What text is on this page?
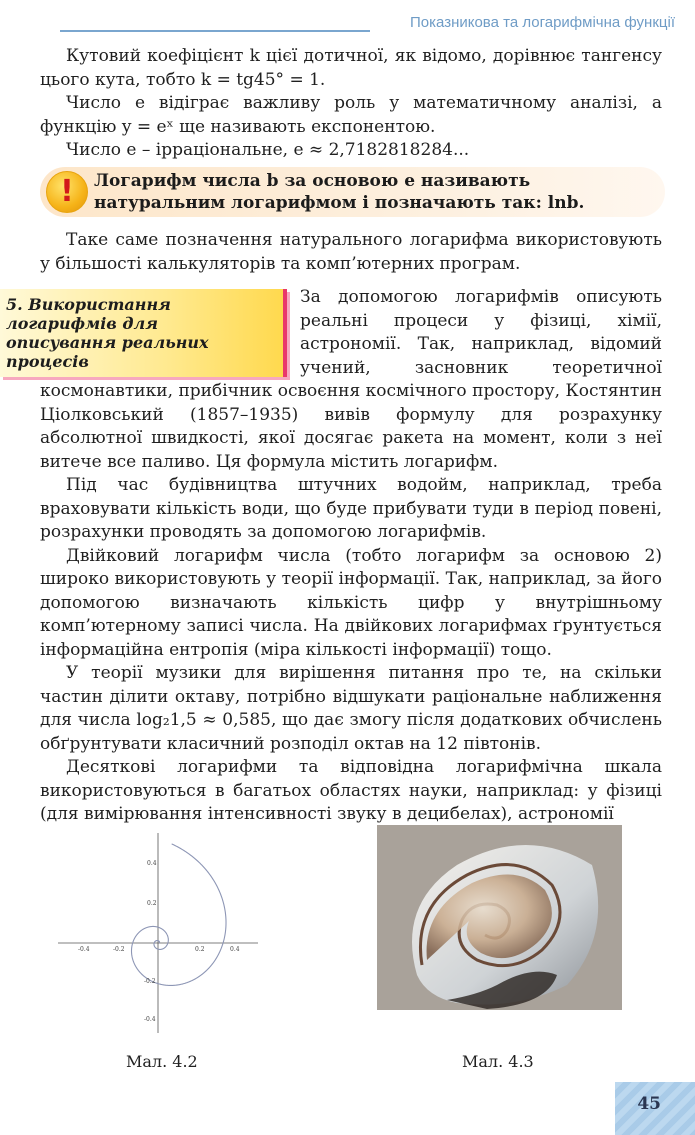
Показникова та логарифмічна функції

Кутовий коефіцієнт k цієї дотичної, як відомо, дорівнює тангенсу цього кута, тобто k = tg45° = 1.

Число e відіграє важливу роль у математичному аналізі, а функцію y = eˣ ще називають експонентою.

Число e – ірраціональне, e ≈ 2,7182818284...

!	Логарифм числа b за основою e називають натуральним логарифмом і позначають так: lnb.

Таке саме позначення натурального логарифма використовують у більшості калькуляторів та комп’ютерних програм.

5. Використання логарифмів для описування реальних процесів

За допомогою логарифмів описують реальні процеси у фізиці, хімії, астрономії. Так, наприклад, відомий учений, засновник теоретичної космонавтики, прибічник освоєння космічного простору, Костянтин Ціолковський (1857–1935) вивів формулу для розрахунку абсолютної швидкості, якої досягає ракета на момент, коли з неї витече все паливо. Ця формула містить логарифм.

Під час будівництва штучних водойм, наприклад, треба враховувати кількість води, що буде прибувати туди в період повені, розрахунки проводять за допомогою логарифмів.

Двійковий логарифм числа (тобто логарифм за основою 2) широко використовують у теорії інформації. Так, наприклад, за його допомогою визначають кількість цифр у внутрішньому комп’ютерному записі числа. На двійкових логарифмах ґрунтується інформаційна ентропія (міра кількості інформації) тощо.

У теорії музики для вирішення питання про те, на скільки частин ділити октаву, потрібно відшукати раціональне наближення для числа log₂1,5 ≈ 0,585, що дає змогу після додаткових обчислень обґрунтувати класичний розподіл октав на 12 півтонів.

Десяткові логарифми та відповідна логарифмічна шкала використовуються в багатьох областях науки, наприклад: у фізиці (для вимірювання інтенсивності звуку в децибелах), астрономії

-0.4	-0.2	0.2	0.4
0.4
0.2
-0.2
-0.4
Мал. 4.2	Мал. 4.3
45
